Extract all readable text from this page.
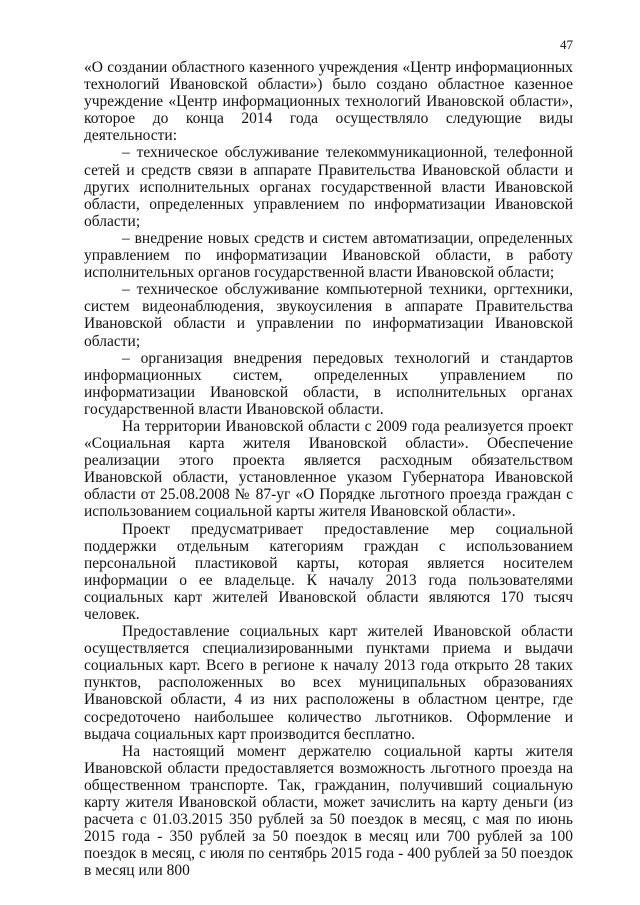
47

«О создании областного казенного учреждения «Центр информационных технологий Ивановской области») было создано областное казенное учреждение «Центр информационных технологий Ивановской области», которое до конца 2014 года осуществляло следующие виды деятельности:

– техническое обслуживание телекоммуникационной, телефонной сетей и средств связи в аппарате Правительства Ивановской области и других исполнительных органах государственной власти Ивановской области, определенных управлением по информатизации Ивановской области;

– внедрение новых средств и систем автоматизации, определенных управлением по информатизации Ивановской области, в работу исполнительных органов государственной власти Ивановской области;

– техническое обслуживание компьютерной техники, оргтехники, систем видеонаблюдения, звукоусиления в аппарате Правительства Ивановской области и управлении по информатизации Ивановской области;

– организация внедрения передовых технологий и стандартов информационных систем, определенных управлением по информатизации Ивановской области, в исполнительных органах государственной власти Ивановской области.

На территории Ивановской области с 2009 года реализуется проект «Социальная карта жителя Ивановской области». Обеспечение реализации этого проекта является расходным обязательством Ивановской области, установленное указом Губернатора Ивановской области от 25.08.2008 № 87-уг «О Порядке льготного проезда граждан с использованием социальной карты жителя Ивановской области».

Проект предусматривает предоставление мер социальной поддержки отдельным категориям граждан с использованием персональной пластиковой карты, которая является носителем информации о ее владельце. К началу 2013 года пользователями социальных карт жителей Ивановской области являются 170 тысяч человек.

Предоставление социальных карт жителей Ивановской области осуществляется специализированными пунктами приема и выдачи социальных карт. Всего в регионе к началу 2013 года открыто 28 таких пунктов, расположенных во всех муниципальных образованиях Ивановской области, 4 из них расположены в областном центре, где сосредоточено наибольшее количество льготников. Оформление и выдача социальных карт производится бесплатно.

На настоящий момент держателю социальной карты жителя Ивановской области предоставляется возможность льготного проезда на общественном транспорте. Так, гражданин, получивший социальную карту жителя Ивановской области, может зачислить на карту деньги (из расчета с 01.03.2015 350 рублей за 50 поездок в месяц, с мая по июнь 2015 года - 350 рублей за 50 поездок в месяц или 700 рублей за 100 поездок в месяц, с июля по сентябрь 2015 года - 400 рублей за 50 поездок в месяц или 800
